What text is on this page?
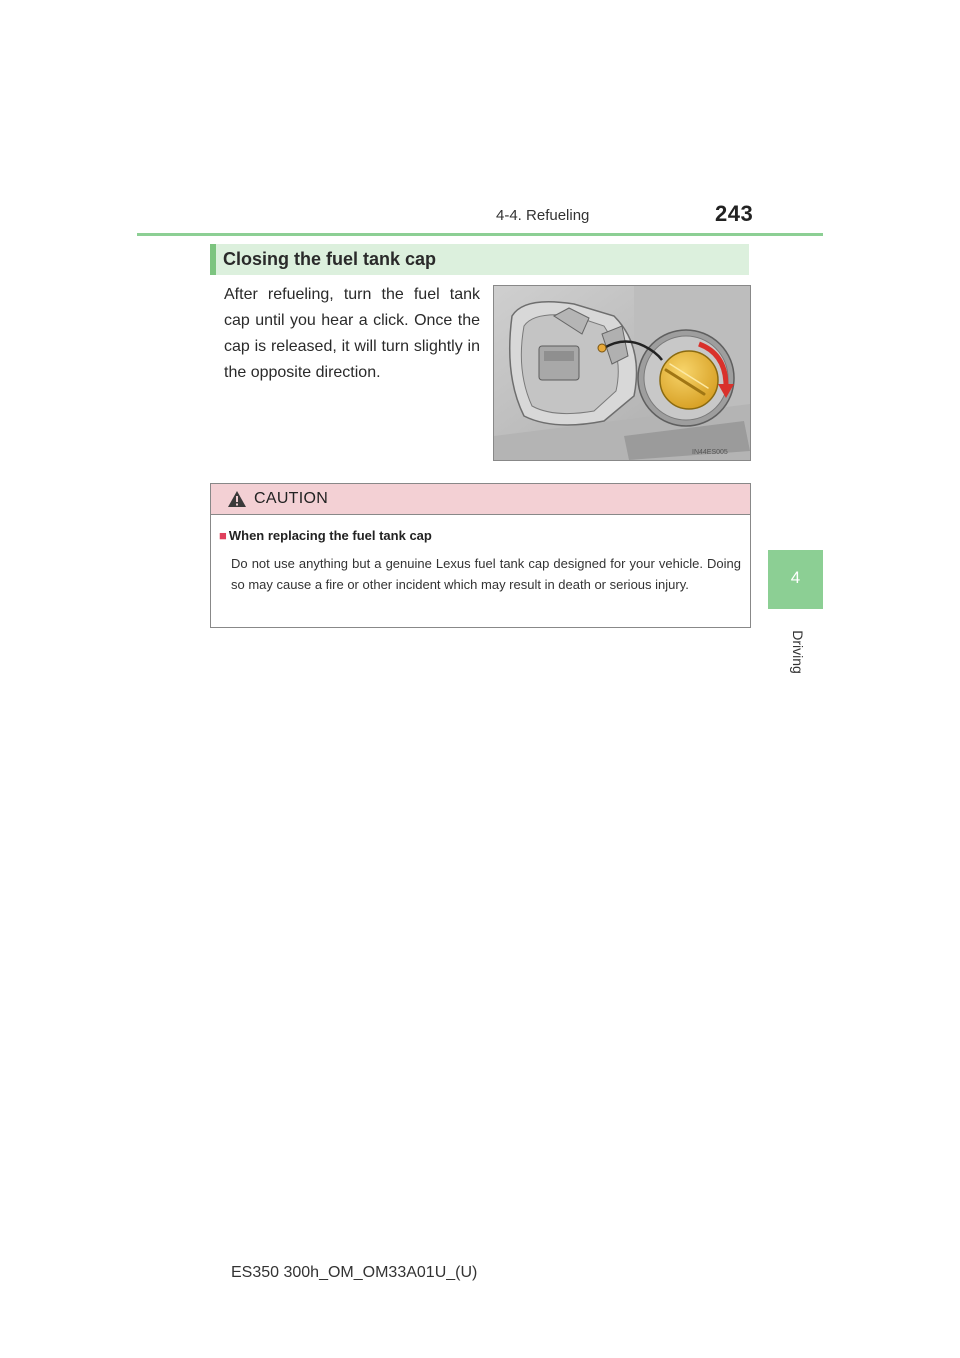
4-4. Refueling	243
4
Driving
Closing the fuel tank cap

After refueling, turn the fuel tank cap until you hear a click. Once the cap is released, it will turn slightly in the opposite direction.

IN44ES005
CAUTION
■ When replacing the fuel tank cap

Do not use anything but a genuine Lexus fuel tank cap designed for your vehicle. Doing so may cause a fire or other incident which may result in death or serious injury.

ES350 300h_OM_OM33A01U_(U)
